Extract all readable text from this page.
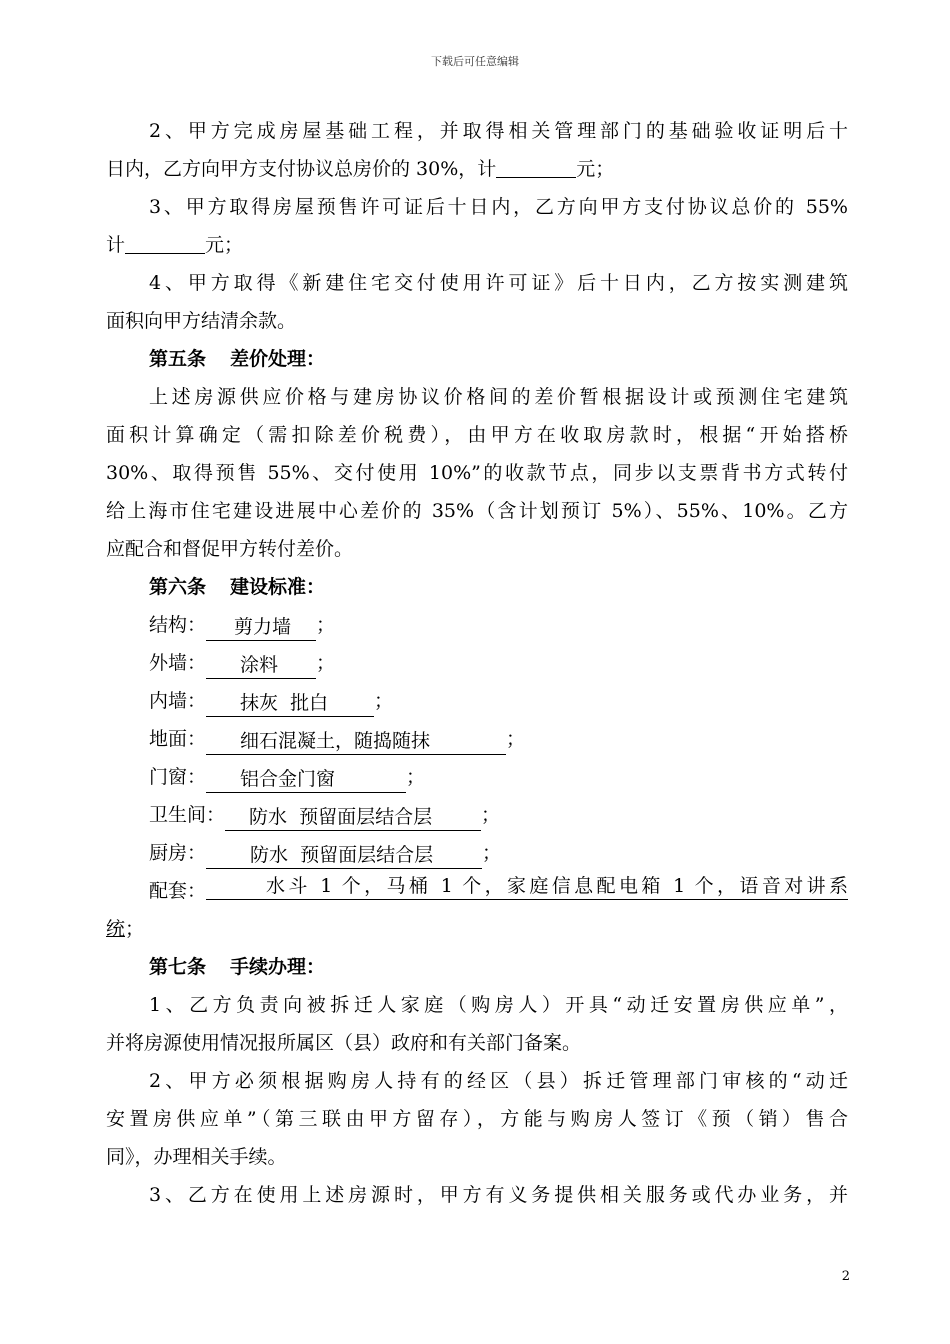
下载后可任意编辑
2、甲方完成房屋基础工程，并取得相关管理部门的基础验收证明后十
日内，乙方向甲方支付协议总房价的 30%，计	元；
3、甲方取得房屋预售许可证后十日内，乙方向甲方支付协议总价的 55%
计	元；
4、甲方取得《新建住宅交付使用许可证》后十日内，乙方按实测建筑
面积向甲方结清余款。
第五条 差价处理：
上述房源供应价格与建房协议价格间的差价暂根据设计或预测住宅建筑
面积计算确定（需扣除差价税费），由甲方在收取房款时，根据“开始搭桥
30%、取得预售 55%、交付使用 10%”的收款节点，同步以支票背书方式转付
给上海市住宅建设进展中心差价的 35%（含计划预订 5%）、55%、10%。乙方
应配合和督促甲方转付差价。
第六条 建设标准：
结构： 剪力墙 ；
外墙： 涂料 ；
内墙： 抹灰  批白 ；
地面： 细石混凝土，随捣随抹	；
门窗： 铝合金门窗	；
卫生间： 防水  预留面层结合层	；
厨房： 防水  预留面层结合层	；
配套：	水斗 1 个，马桶 1 个，家庭信息配电箱 1 个，语音对讲系
统；
第七条 手续办理：
1、乙方负责向被拆迁人家庭（购房人）开具“动迁安置房供应单”，
并将房源使用情况报所属区（县）政府和有关部门备案。
2、甲方必须根据购房人持有的经区（县）拆迁管理部门审核的“动迁
安置房供应单”（第三联由甲方留存），方能与购房人签订《预（销）售合
同》，办理相关手续。
3、乙方在使用上述房源时，甲方有义务提供相关服务或代办业务，并
2
